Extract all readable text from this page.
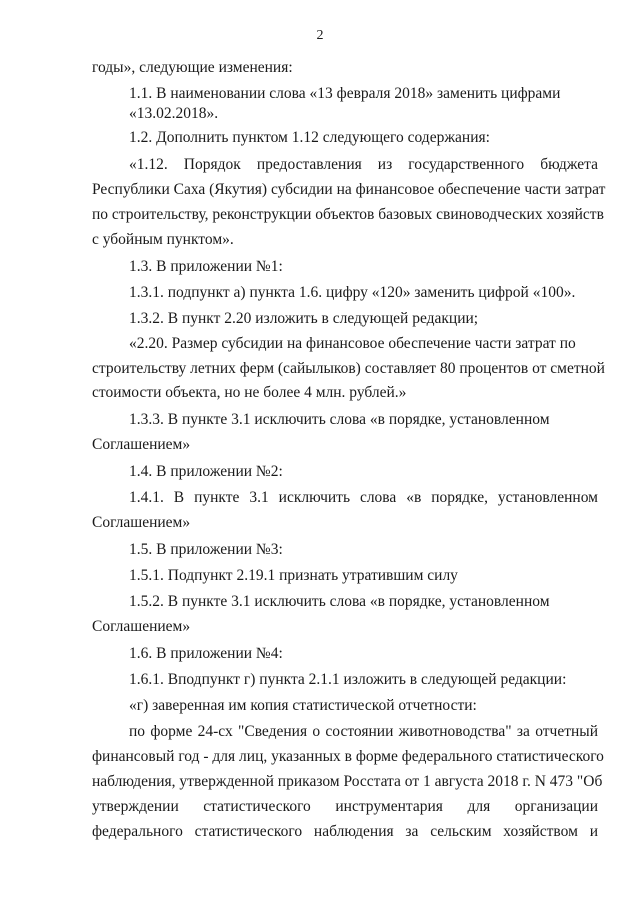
2
годы», следующие изменения:
1.1. В наименовании слова «13 февраля 2018» заменить цифрами
«13.02.2018».
1.2. Дополнить пунктом 1.12 следующего содержания:
«1.12. Порядок предоставления из государственного бюджета
Республики Саха (Якутия) субсидии на финансовое обеспечение части затрат
по строительству, реконструкции объектов базовых свиноводческих хозяйств
с убойным пунктом».
1.3. В приложении №1:
1.3.1. подпункт а) пункта 1.6. цифру «120» заменить цифрой «100».
1.3.2. В пункт 2.20 изложить в следующей редакции;
«2.20. Размер субсидии на финансовое обеспечение части затрат по
строительству летних ферм (сайылыков) составляет 80 процентов от сметной
стоимости объекта, но не более 4 млн. рублей.»
1.3.3. В пункте 3.1 исключить слова «в порядке, установленном
Соглашением»
1.4. В приложении №2:
1.4.1. В пункте 3.1 исключить слова «в порядке, установленном
Соглашением»
1.5. В приложении №3:
1.5.1. Подпункт 2.19.1 признать утратившим силу
1.5.2. В пункте 3.1 исключить слова «в порядке, установленном
Соглашением»
1.6. В приложении №4:
1.6.1. Вподпункт г) пункта 2.1.1 изложить в следующей редакции:
«г) заверенная им копия статистической отчетности:
по форме 24-сх "Сведения о состоянии животноводства" за отчетный
финансовый год - для лиц, указанных в форме федерального статистического
наблюдения, утвержденной приказом Росстата от 1 августа 2018 г. N 473 "Об
утверждении статистического инструментария для организации
федерального статистического наблюдения за сельским хозяйством и
